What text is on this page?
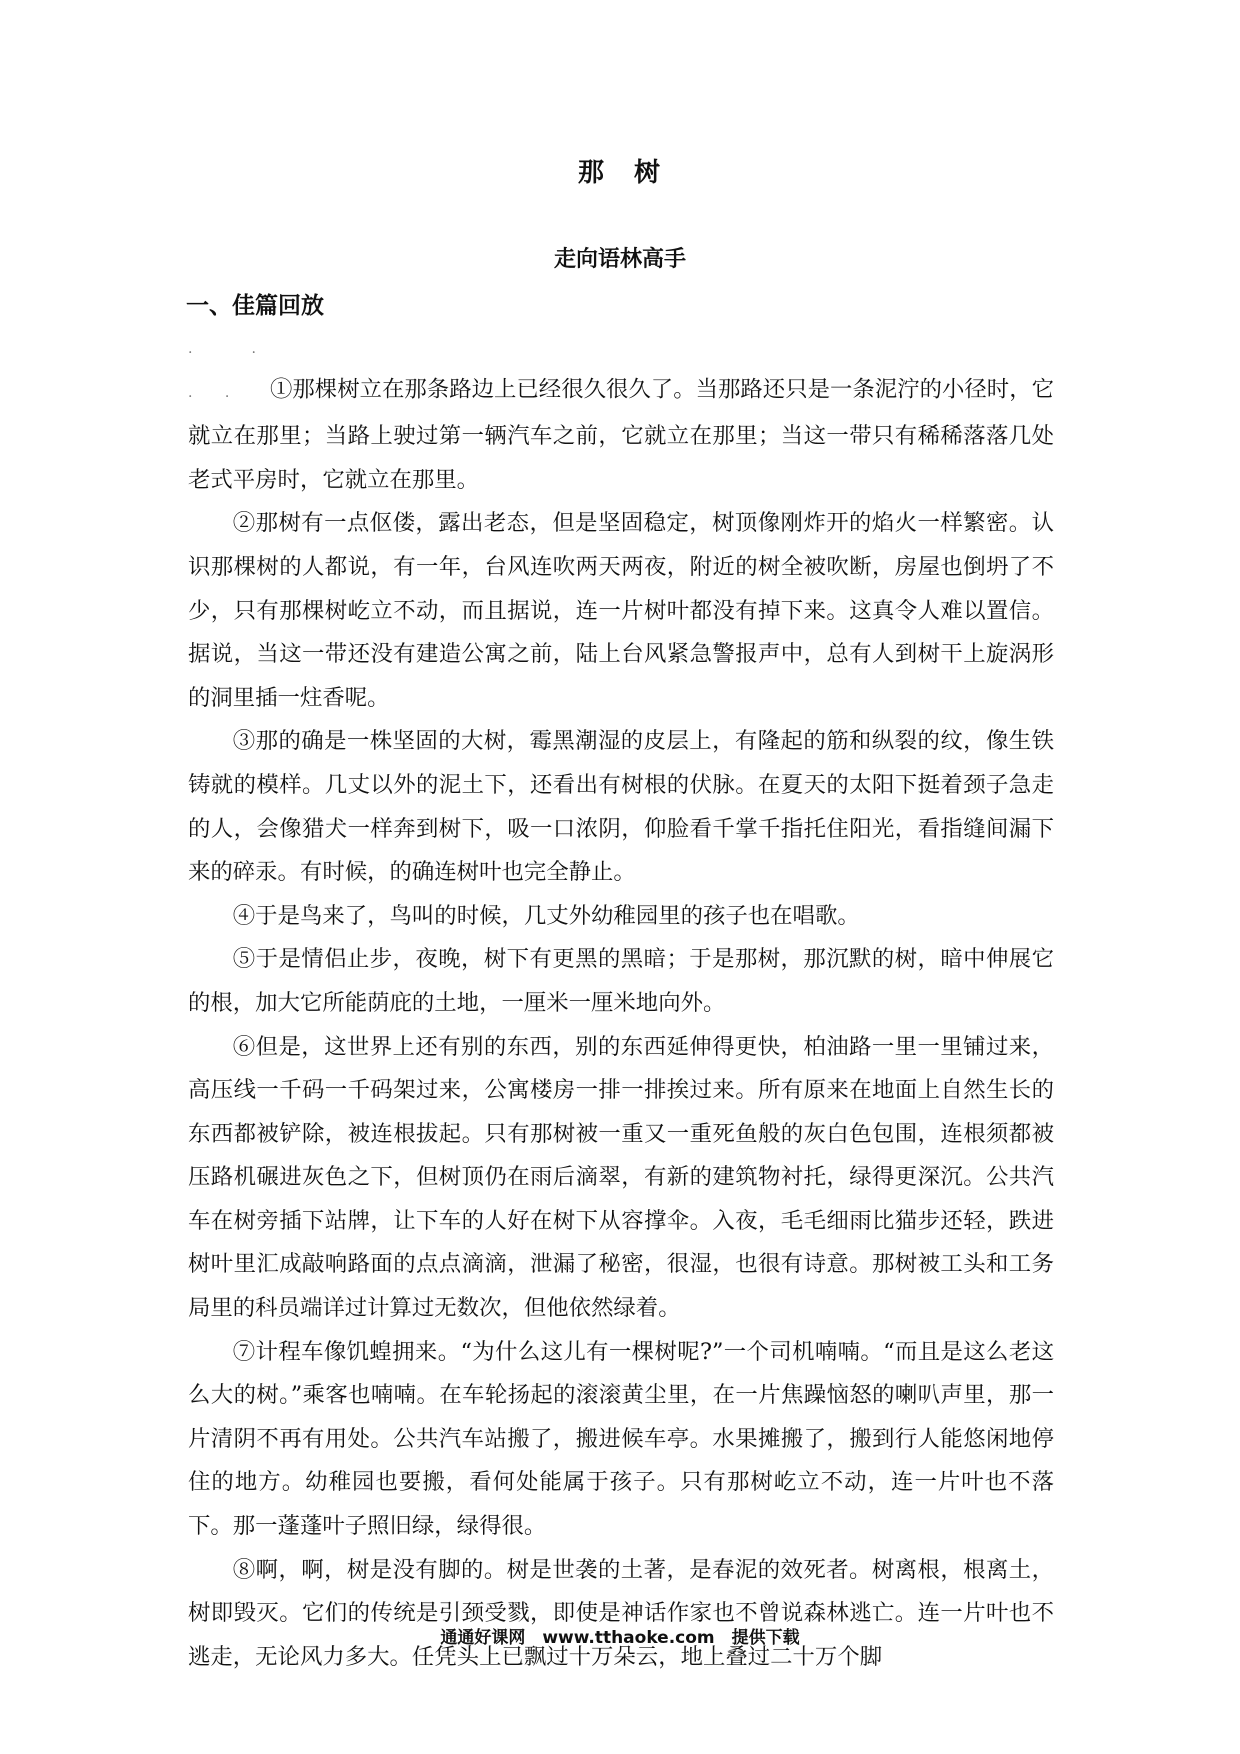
那　树
走向语林高手
一、佳篇回放

. . . . ①那棵树立在那条路边上已经很久很久了。当那路还只是一条泥泞的小径时，它就立在那里；当路上驶过第一辆汽车之前，它就立在那里；当这一带只有稀稀落落几处老式平房时，它就立在那里。

②那树有一点伛偻，露出老态，但是坚固稳定，树顶像刚炸开的焰火一样繁密。认识那棵树的人都说，有一年，台风连吹两天两夜，附近的树全被吹断，房屋也倒坍了不少，只有那棵树屹立不动，而且据说，连一片树叶都没有掉下来。这真令人难以置信。据说，当这一带还没有建造公寓之前，陆上台风紧急警报声中，总有人到树干上旋涡形的洞里插一炷香呢。

③那的确是一株坚固的大树，霉黑潮湿的皮层上，有隆起的筋和纵裂的纹，像生铁铸就的模样。几丈以外的泥土下，还看出有树根的伏脉。在夏天的太阳下挺着颈子急走的人，会像猎犬一样奔到树下，吸一口浓阴，仰脸看千掌千指托住阳光，看指缝间漏下来的碎汞。有时候，的确连树叶也完全静止。

④于是鸟来了，鸟叫的时候，几丈外幼稚园里的孩子也在唱歌。

⑤于是情侣止步，夜晚，树下有更黑的黑暗；于是那树，那沉默的树，暗中伸展它的根，加大它所能荫庇的土地，一厘米一厘米地向外。

⑥但是，这世界上还有别的东西，别的东西延伸得更快，柏油路一里一里铺过来，高压线一千码一千码架过来，公寓楼房一排一排挨过来。所有原来在地面上自然生长的东西都被铲除，被连根拔起。只有那树被一重又一重死鱼般的灰白色包围，连根须都被压路机碾进灰色之下，但树顶仍在雨后滴翠，有新的建筑物衬托，绿得更深沉。公共汽车在树旁插下站牌，让下车的人好在树下从容撑伞。入夜，毛毛细雨比猫步还轻，跌进树叶里汇成敲响路面的点点滴滴，泄漏了秘密，很湿，也很有诗意。那树被工头和工务局里的科员端详过计算过无数次，但他依然绿着。

⑦计程车像饥蝗拥来。“为什么这儿有一棵树呢?”一个司机喃喃。“而且是这么老这么大的树。”乘客也喃喃。在车轮扬起的滚滚黄尘里，在一片焦躁恼怒的喇叭声里，那一片清阴不再有用处。公共汽车站搬了，搬进候车亭。水果摊搬了，搬到行人能悠闲地停住的地方。幼稚园也要搬，看何处能属于孩子。只有那树屹立不动，连一片叶也不落下。那一蓬蓬叶子照旧绿，绿得很。

⑧啊，啊，树是没有脚的。树是世袭的土著，是春泥的效死者。树离根，根离土，树即毁灭。它们的传统是引颈受戮，即使是神话作家也不曾说森林逃亡。连一片叶也不逃走，无论风力多大。任凭头上已飘过十万朵云，地上叠过二十万个脚

通通好课网　www.tthaoke.com　提供下载
